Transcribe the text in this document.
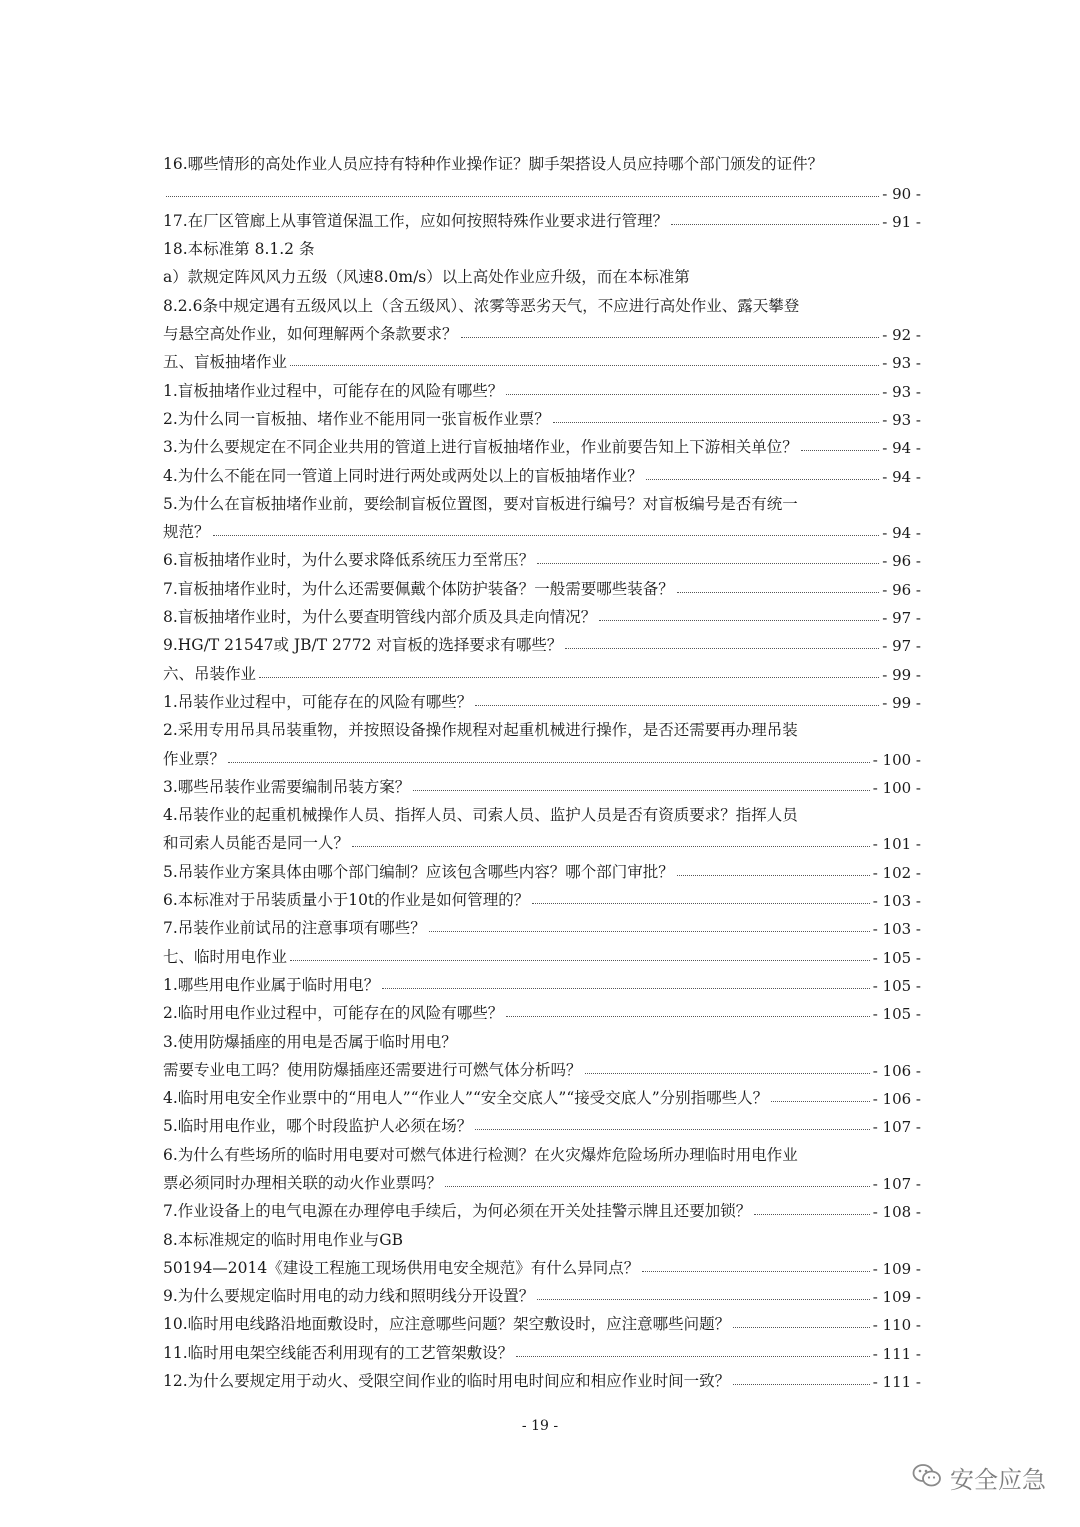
16.哪些情形的高处作业人员应持有特种作业操作证？脚手架搭设人员应持哪个部门颁发的证件？
- 90 -
17.在厂区管廊上从事管道保温工作，应如何按照特殊作业要求进行管理？	- 91 -
18.本标准第 8.1.2 条
a）款规定阵风风力五级（风速8.0m/s）以上高处作业应升级，而在本标准第
8.2.6条中规定遇有五级风以上（含五级风）、浓雾等恶劣天气，不应进行高处作业、露天攀登
与悬空高处作业，如何理解两个条款要求？	- 92 -
五、盲板抽堵作业	- 93 -
1.盲板抽堵作业过程中，可能存在的风险有哪些？	- 93 -
2.为什么同一盲板抽、堵作业不能用同一张盲板作业票？	- 93 -
3.为什么要规定在不同企业共用的管道上进行盲板抽堵作业，作业前要告知上下游相关单位？	- 94 -
4.为什么不能在同一管道上同时进行两处或两处以上的盲板抽堵作业？	- 94 -
5.为什么在盲板抽堵作业前，要绘制盲板位置图，要对盲板进行编号？对盲板编号是否有统一
规范？	- 94 -
6.盲板抽堵作业时，为什么要求降低系统压力至常压？	- 96 -
7.盲板抽堵作业时，为什么还需要佩戴个体防护装备？一般需要哪些装备？	- 96 -
8.盲板抽堵作业时，为什么要查明管线内部介质及具走向情况？	- 97 -
9.HG/T 21547或 JB/T 2772 对盲板的选择要求有哪些？	- 97 -
六、吊装作业	- 99 -
1.吊装作业过程中，可能存在的风险有哪些？	- 99 -
2.采用专用吊具吊装重物，并按照设备操作规程对起重机械进行操作，是否还需要再办理吊装
作业票？	- 100 -
3.哪些吊装作业需要编制吊装方案？	- 100 -
4.吊装作业的起重机械操作人员、指挥人员、司索人员、监护人员是否有资质要求？指挥人员
和司索人员能否是同一人？	- 101 -
5.吊装作业方案具体由哪个部门编制？应该包含哪些内容？哪个部门审批？	- 102 -
6.本标准对于吊装质量小于10t的作业是如何管理的？	- 103 -
7.吊装作业前试吊的注意事项有哪些？	- 103 -
七、临时用电作业	- 105 -
1.哪些用电作业属于临时用电？	- 105 -
2.临时用电作业过程中，可能存在的风险有哪些？	- 105 -
3.使用防爆插座的用电是否属于临时用电？
需要专业电工吗？使用防爆插座还需要进行可燃气体分析吗？	- 106 -
4.临时用电安全作业票中的“用电人”“作业人”“安全交底人”“接受交底人”分别指哪些人？	- 106 -
5.临时用电作业，哪个时段监护人必须在场？	- 107 -
6.为什么有些场所的临时用电要对可燃气体进行检测？在火灾爆炸危险场所办理临时用电作业
票必须同时办理相关联的动火作业票吗？	- 107 -
7.作业设备上的电气电源在办理停电手续后，为何必须在开关处挂警示牌且还要加锁？	- 108 -
8.本标准规定的临时用电作业与GB
50194—2014《建设工程施工现场供用电安全规范》有什么异同点？	- 109 -
9.为什么要规定临时用电的动力线和照明线分开设置？	- 109 -
10.临时用电线路沿地面敷设时，应注意哪些问题？架空敷设时，应注意哪些问题？	- 110 -
11.临时用电架空线能否利用现有的工艺管架敷设？	- 111 -
12.为什么要规定用于动火、受限空间作业的临时用电时间应和相应作业时间一致？	- 111 -
- 19 -
安全应急
